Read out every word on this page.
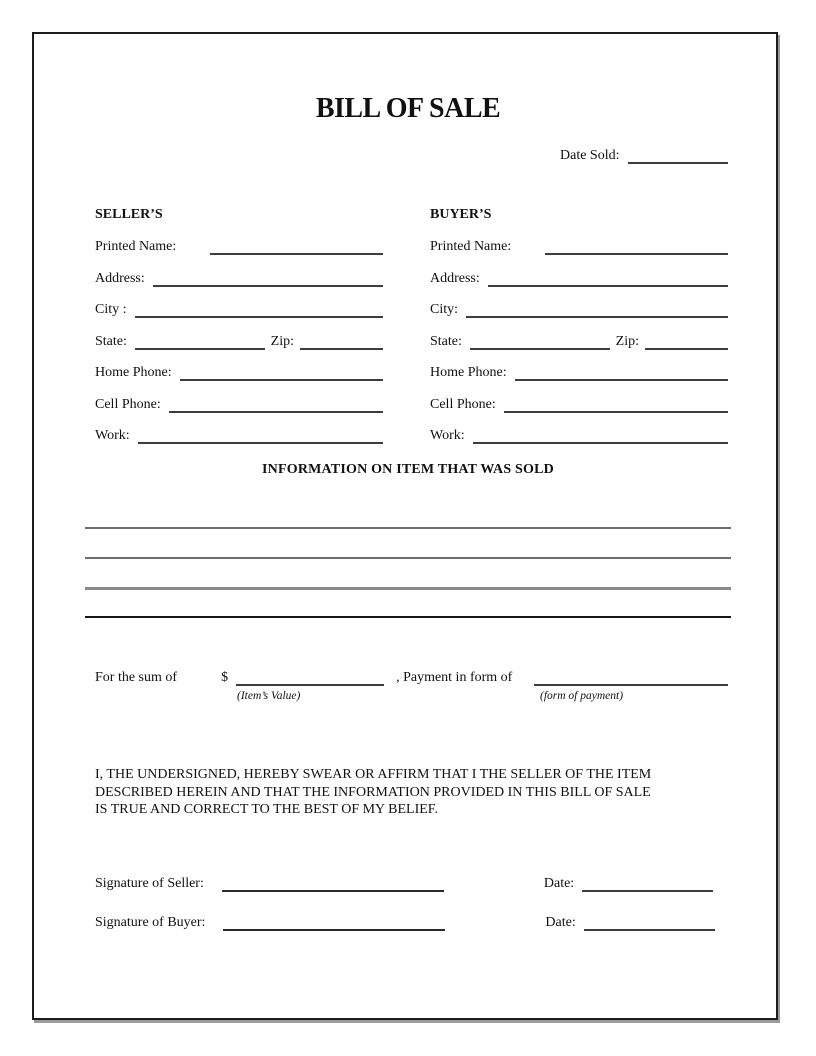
BILL OF SALE
Date Sold:
SELLER’S
Printed Name:
Address:
City :
State:	Zip:
Home Phone:
Cell Phone:
Work:
BUYER’S
Printed Name:
Address:
City:
State:	Zip:
Home Phone:
Cell Phone:
Work:
INFORMATION ON ITEM THAT WAS SOLD
For the sum of	$	, Payment in form of
(Item’s Value)	(form of payment)
I, THE UNDERSIGNED, HEREBY SWEAR OR AFFIRM THAT I THE SELLER OF THE ITEM
DESCRIBED HEREIN AND THAT THE INFORMATION PROVIDED IN THIS BILL OF SALE
IS TRUE AND CORRECT TO THE BEST OF MY BELIEF.
Signature of Seller:	Date:
Signature of Buyer:	Date:
